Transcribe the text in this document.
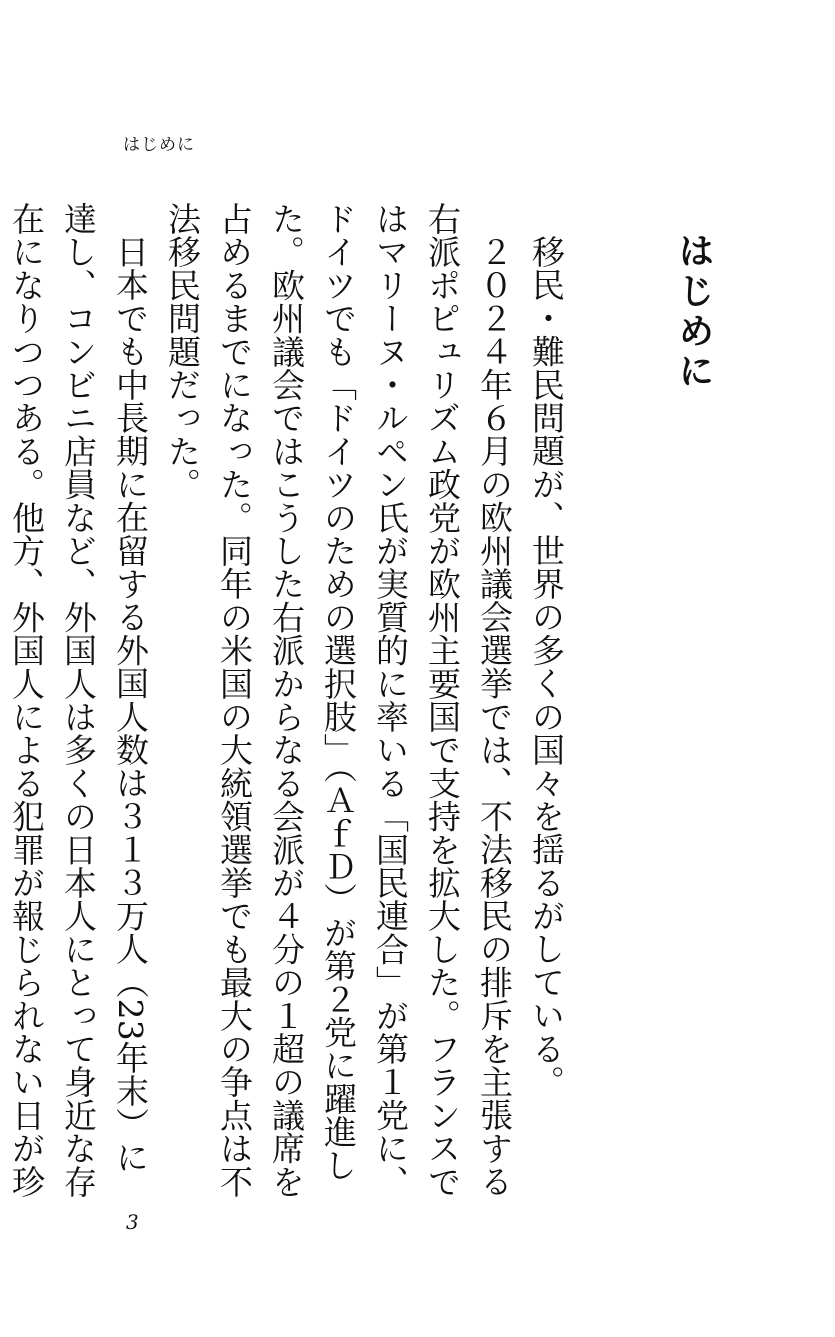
はじめに
はじめに

移民・難民問題が、世界の多くの国々を揺るがしている。

２０２４年６月の欧州議会選挙では、不法移民の排斥を主張する右派ポピュリズム政党が欧州主要国で支持を拡大した。フランスではマリーヌ・ルペン氏が実質的に率いる「国民連合」が第１党に、ドイツでも「ドイツのための選択肢」（ＡｆＤ）が第２党に躍進した。欧州議会ではこうした右派からなる会派が４分の１超の議席を占めるまでになった。同年の米国の大統領選挙でも最大の争点は不法移民問題だった。

日本でも中長期に在留する外国人数は３１３万人（23年末）に達し、コンビニ店員など、外国人は多くの日本人にとって身近な存在になりつつある。他方、外国人による犯罪が報じられない日が珍

3
